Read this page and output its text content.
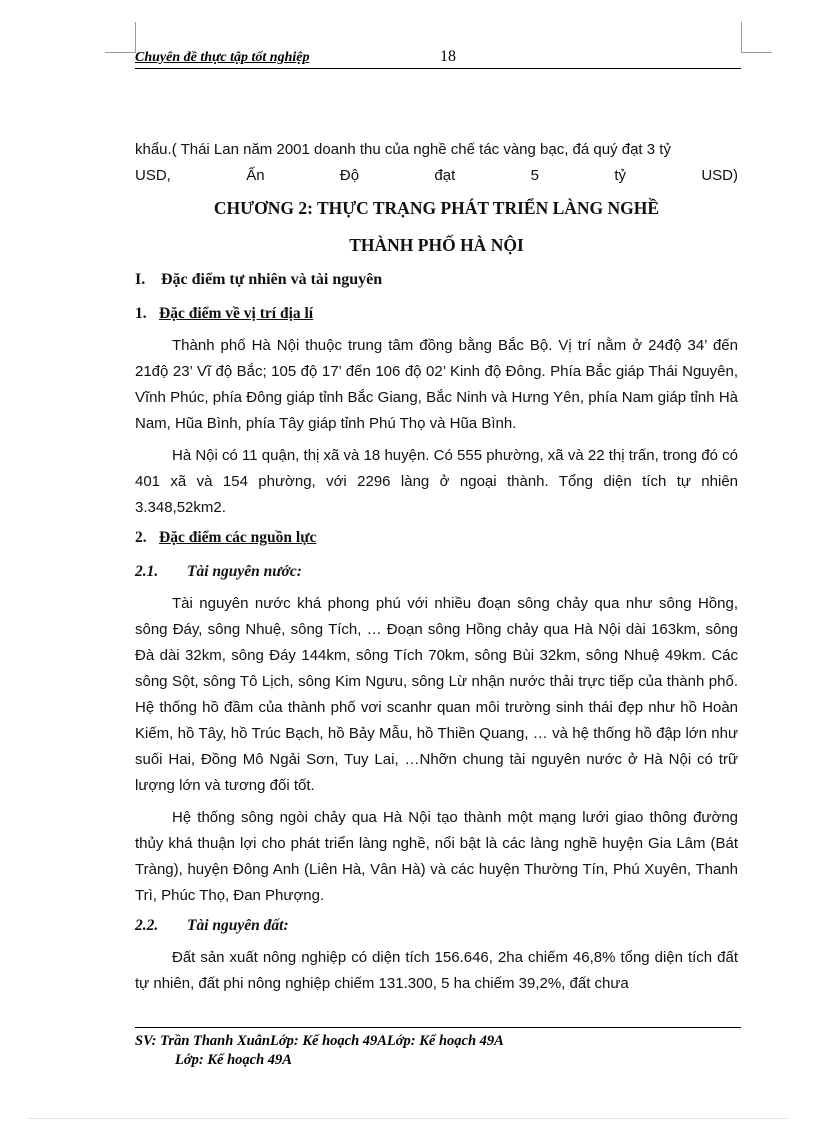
Chuyên đề thực tập tốt nghiệp	18

khẩu.( Thái Lan năm 2001 doanh thu của nghề chế tác vàng bạc, đá quý đạt 3 tỷ

USD,	Ấn	Độ	đạt	5	tỷ	USD)
CHƯƠNG 2: THỰC TRẠNG PHÁT TRIỂN LÀNG NGHỀ
THÀNH PHỐ HÀ NỘI
I. Đặc điểm tự nhiên và tài nguyên
1. Đặc điểm về vị trí địa lí

Thành phố Hà Nội thuộc trung tâm đồng bằng Bắc Bộ. Vị trí nằm ở 24độ 34’ đến 21độ 23’ Vĩ độ Bắc; 105 độ 17’ đến 106 độ 02’ Kinh độ Đông. Phía Bắc giáp Thái Nguyên, Vĩnh Phúc, phía Đông giáp tỉnh Bắc Giang, Bắc Ninh và Hưng Yên, phía Nam giáp tỉnh Hà Nam, Hũa Bình, phía Tây giáp tỉnh Phú Thọ và Hũa Bình.

Hà Nội có 11 quận, thị xã và 18 huyện. Có 555 phường, xã và 22 thị trấn, trong đó có 401 xã và 154 phường, với 2296 làng ở ngoại thành. Tổng diện tích tự nhiên 3.348,52km2.

2. Đặc điểm các nguồn lực
2.1. Tài nguyên nước:

Tài nguyên nước khá phong phú với nhiều đoạn sông chảy qua như sông Hồng, sông Đáy, sông Nhuệ, sông Tích, … Đoạn sông Hồng chảy qua Hà Nội dài 163km, sông Đà dài 32km, sông Đáy 144km, sông Tích 70km, sông Bùi 32km, sông Nhuệ 49km. Các sông Sột, sông Tô Lịch, sông Kim Ngưu, sông Lừ nhận nước thải trực tiếp của thành phố. Hệ thống hồ đầm của thành phố vơi scanhr quan môi trường sinh thái đẹp như hồ Hoàn Kiếm, hồ Tây, hồ Trúc Bạch, hồ Bảy Mẫu, hồ Thiền Quang, … và hệ thống hồ đập lớn như suối Hai, Đồng Mô Ngải Sơn, Tuy Lai, …Nhỡn chung tài nguyên nước ở Hà Nội có trữ lượng lớn và tương đối tốt.

Hệ thống sông ngòi chảy qua Hà Nội tạo thành một mạng lưới giao thông đường thủy khá thuận lợi cho phát triển làng nghề, nổi bật là các làng nghề huyện Gia Lâm (Bát Tràng), huyện Đông Anh (Liên Hà, Vân Hà) và các huyện Thường Tín, Phú Xuyên, Thanh Trì, Phúc Thọ, Đan Phượng.

2.2. Tài nguyên đất:

Đất sản xuất nông nghiệp có diện tích 156.646, 2ha chiếm 46,8% tổng diện tích đất tự nhiên, đất phi nông nghiệp chiếm 131.300, 5 ha chiếm 39,2%, đất chưa

SV: Trần Thanh XuânLớp: Kế hoạch 49ALớp: Kế hoạch 49A
Lớp: Kế hoạch 49A
